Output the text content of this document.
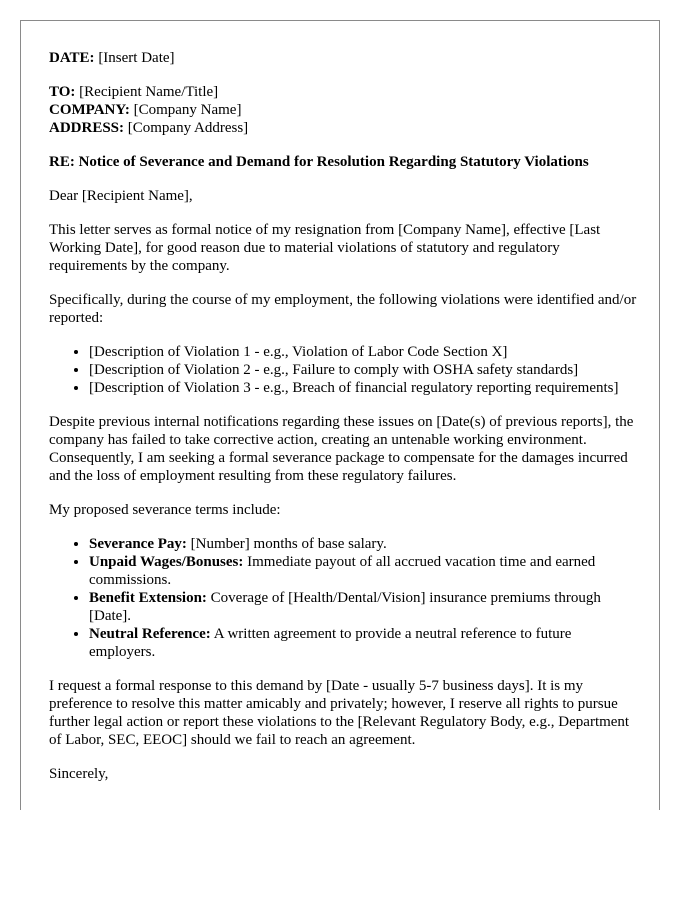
DATE: [Insert Date]

TO: [Recipient Name/Title]
COMPANY: [Company Name]
ADDRESS: [Company Address]

RE: Notice of Severance and Demand for Resolution Regarding Statutory Violations

Dear [Recipient Name],

This letter serves as formal notice of my resignation from [Company Name], effective [Last Working Date], for good reason due to material violations of statutory and regulatory requirements by the company.

Specifically, during the course of my employment, the following violations were identified and/or reported:

• [Description of Violation 1 - e.g., Violation of Labor Code Section X]
• [Description of Violation 2 - e.g., Failure to comply with OSHA safety standards]
• [Description of Violation 3 - e.g., Breach of financial regulatory reporting requirements]

Despite previous internal notifications regarding these issues on [Date(s) of previous reports], the company has failed to take corrective action, creating an untenable working environment. Consequently, I am seeking a formal severance package to compensate for the damages incurred and the loss of employment resulting from these regulatory failures.

My proposed severance terms include:

• Severance Pay: [Number] months of base salary.
• Unpaid Wages/Bonuses: Immediate payout of all accrued vacation time and earned commissions.
• Benefit Extension: Coverage of [Health/Dental/Vision] insurance premiums through [Date].
• Neutral Reference: A written agreement to provide a neutral reference to future employers.

I request a formal response to this demand by [Date - usually 5-7 business days]. It is my preference to resolve this matter amicably and privately; however, I reserve all rights to pursue further legal action or report these violations to the [Relevant Regulatory Body, e.g., Department of Labor, SEC, EEOC] should we fail to reach an agreement.

Sincerely,
